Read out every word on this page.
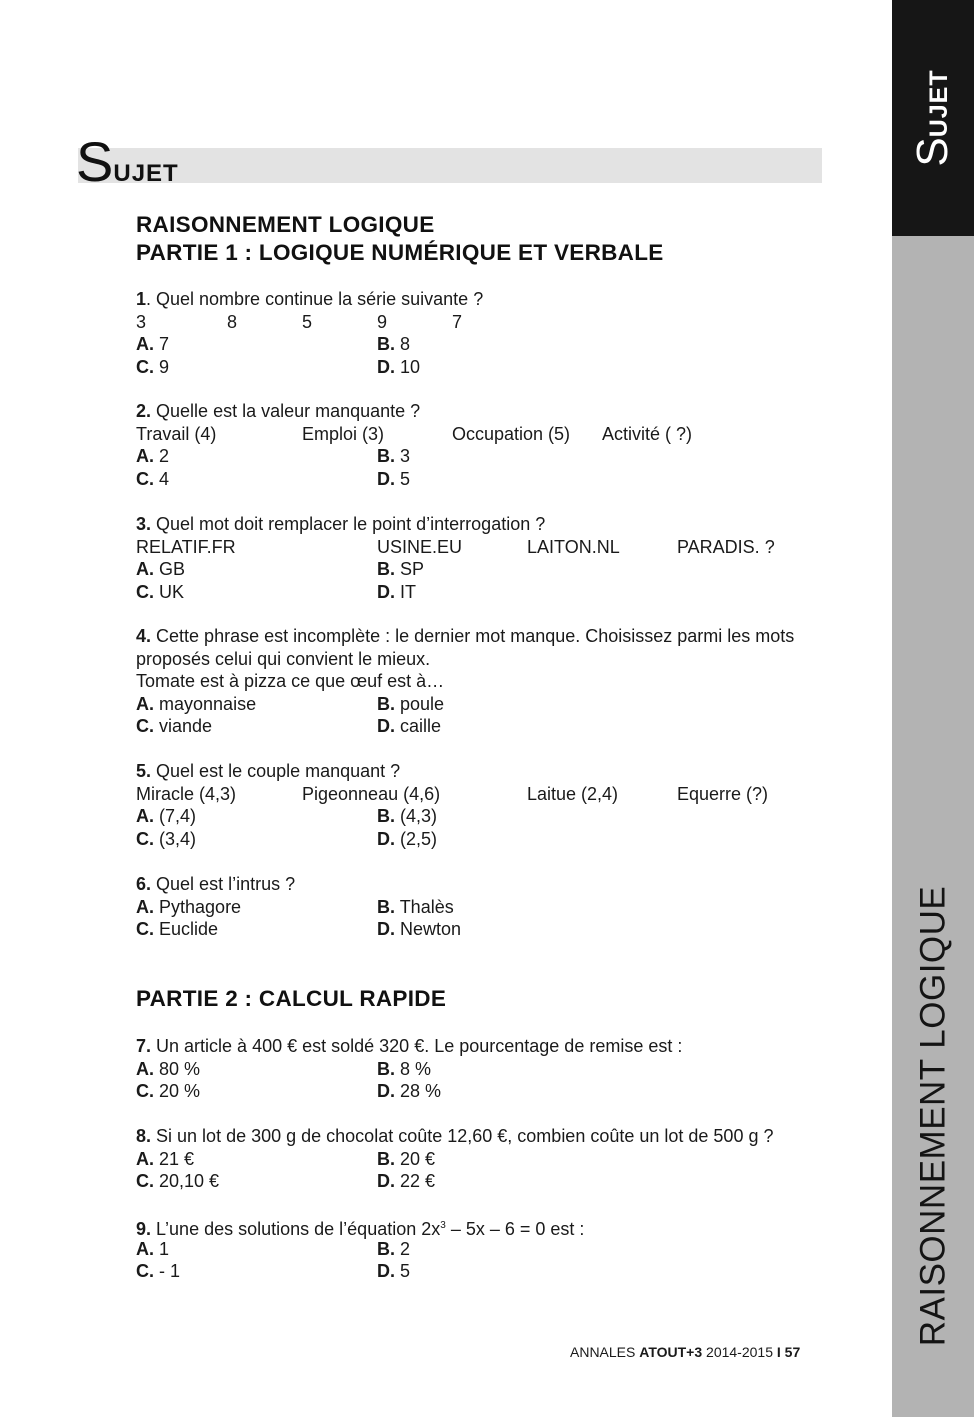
SUJET
RAISONNEMENT LOGIQUE
SUJET
RAISONNEMENT LOGIQUE
PARTIE 1 : LOGIQUE NUMÉRIQUE ET VERBALE
1. Quel nombre continue la série suivante ?
3	8	5	9	7
A. 7	B. 8
C. 9	D. 10
2. Quelle est la valeur manquante ?
Travail (4)	Emploi (3)	Occupation (5) Activité ( ?)
A. 2	B. 3
C. 4	D. 5
3. Quel mot doit remplacer le point d’interrogation ?
RELATIF.FR	USINE.EU	LAITON.NL	PARADIS. ?
A. GB	B. SP
C. UK	D. IT
4. Cette phrase est incomplète : le dernier mot manque. Choisissez parmi les mots
proposés celui qui convient le mieux.
Tomate est à pizza ce que œuf est à…
A. mayonnaise	B. poule
C. viande	D. caille
5. Quel est le couple manquant ?
Miracle (4,3)	Pigeonneau (4,6)	Laitue (2,4)	Equerre (?)
A. (7,4)	B. (4,3)
C. (3,4)	D. (2,5)
6. Quel est l’intrus ?
A. Pythagore	B. Thalès
C. Euclide	D. Newton
PARTIE 2 : CALCUL RAPIDE
7. Un article à 400 € est soldé 320 €. Le pourcentage de remise est :
A. 80 %	B. 8 %
C. 20 %	D. 28 %
8. Si un lot de 300 g de chocolat coûte 12,60 €, combien coûte un lot de 500 g ?
A. 21 €	B. 20 €
C. 20,10 €	D. 22 €
9. L’une des solutions de l’équation $2x^3 - 5x - 6 = 0$ est :
A. 1	B. 2
C. - 1	D. 5
ANNALES ATOUT+3 2014-2015 I 57
